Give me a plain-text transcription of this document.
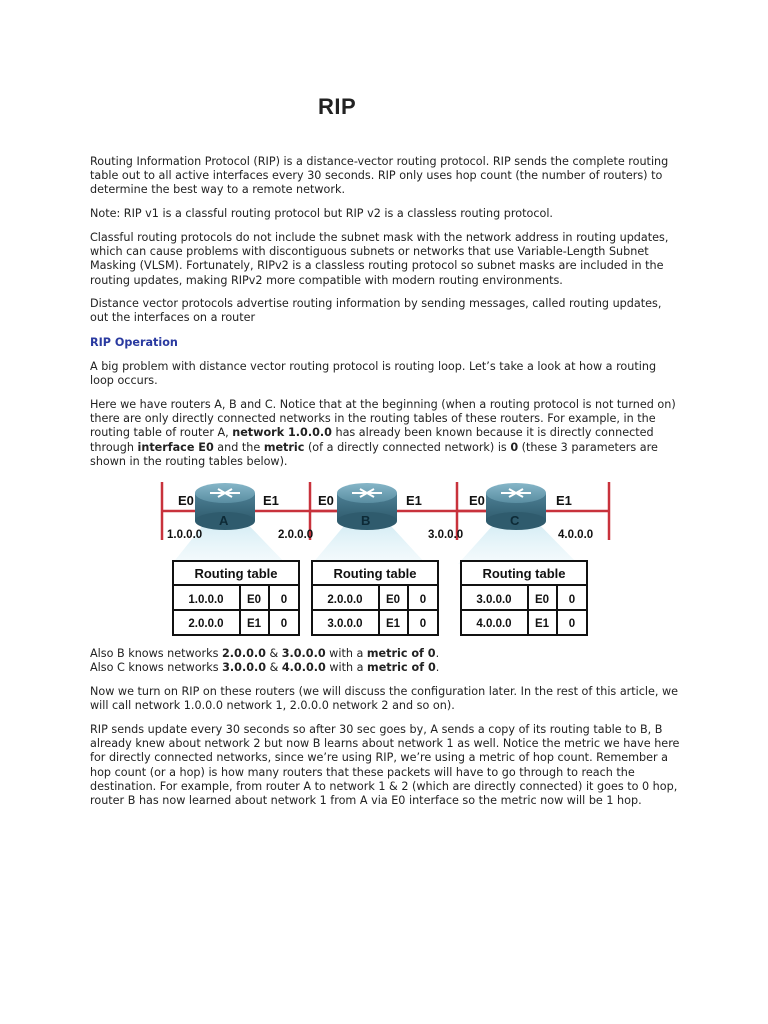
RIP

Routing Information Protocol (RIP) is a distance-vector routing protocol. RIP sends the complete routing table out to all active interfaces every 30 seconds. RIP only uses hop count (the number of routers) to determine the best way to a remote network.

Note: RIP v1 is a classful routing protocol but RIP v2 is a classless routing protocol.

Classful routing protocols do not include the subnet mask with the network address in routing updates, which can cause problems with discontiguous subnets or networks that use Variable-Length Subnet Masking (VLSM). Fortunately, RIPv2 is a classless routing protocol so subnet masks are included in the routing updates, making RIPv2 more compatible with modern routing environments.

Distance vector protocols advertise routing information by sending messages, called routing updates, out the interfaces on a router

RIP Operation

A big problem with distance vector routing protocol is routing loop. Let’s take a look at how a routing loop occurs.

Here we have routers A, B and C. Notice that at the beginning (when a routing protocol is not turned on) there are only directly connected networks in the routing tables of these routers. For example, in the routing table of router A, network 1.0.0.0 has already been known because it is directly connected through interface E0 and the metric (of a directly connected network) is 0 (these 3 parameters are shown in the routing tables below).

A	B	C
E0	E1	E0	E1	E0	E1
1.0.0.0	2.0.0.0	3.0.0.0	4.0.0.0
Routing table
1.0.0.0 E0 0
2.0.0.0 E1 0
Routing table
2.0.0.0 E0 0
3.0.0.0 E1 0
Routing table
3.0.0.0 E0 0
4.0.0.0 E1 0

Also B knows networks 2.0.0.0 & 3.0.0.0 with a metric of 0.
Also C knows networks 3.0.0.0 & 4.0.0.0 with a metric of 0.

Now we turn on RIP on these routers (we will discuss the configuration later. In the rest of this article, we will call network 1.0.0.0 network 1, 2.0.0.0 network 2 and so on).

RIP sends update every 30 seconds so after 30 sec goes by, A sends a copy of its routing table to B, B already knew about network 2 but now B learns about network 1 as well. Notice the metric we have here for directly connected networks, since we’re using RIP, we’re using a metric of hop count. Remember a hop count (or a hop) is how many routers that these packets will have to go through to reach the destination. For example, from router A to network 1 & 2 (which are directly connected) it goes to 0 hop, router B has now learned about network 1 from A via E0 interface so the metric now will be 1 hop.
